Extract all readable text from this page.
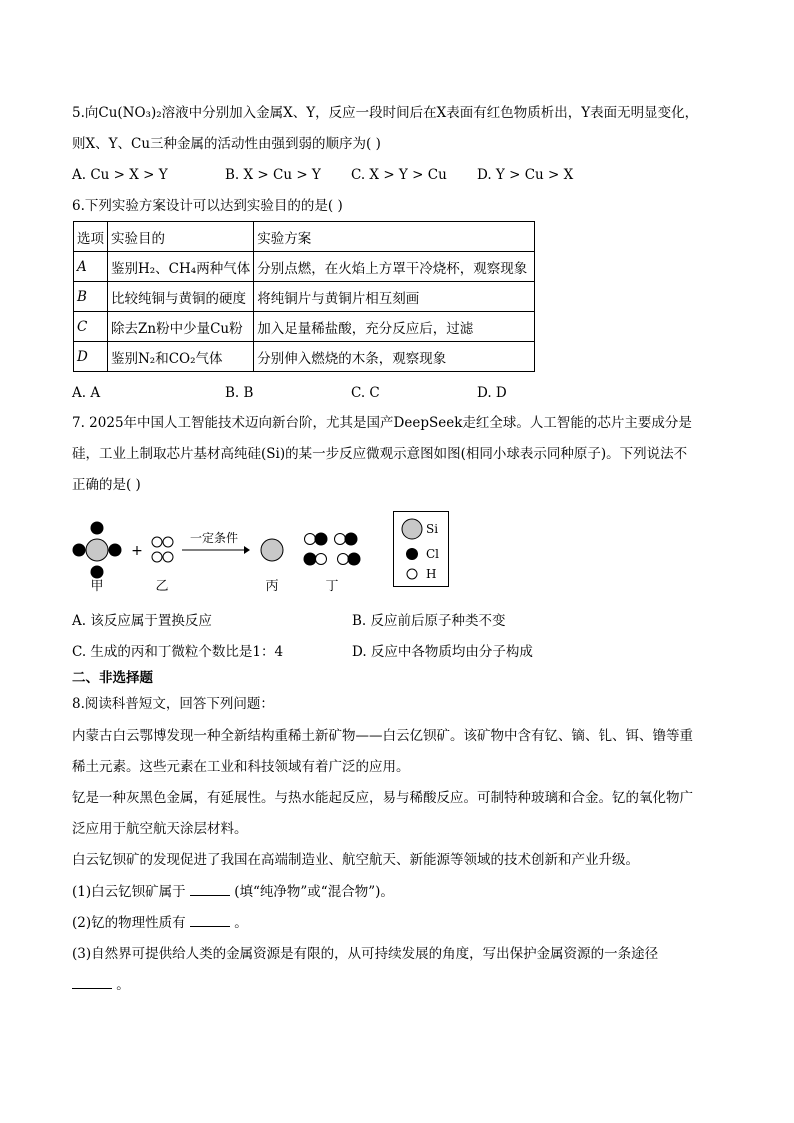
5.向Cu(NO₃)₂溶液中分别加入金属X、Y，反应一段时间后在X表面有红色物质析出，Y表面无明显变化，
则X、Y、Cu三种金属的活动性由强到弱的顺序为( )
A. Cu > X > Y	B. X > Cu > Y	C. X > Y > Cu	D. Y > Cu > X
6.下列实验方案设计可以达到实验目的的是( )
选项	实验目的	实验方案
A	鉴别H₂、CH₄两种气体	分别点燃，在火焰上方罩干冷烧杯，观察现象
B	比较纯铜与黄铜的硬度	将纯铜片与黄铜片相互刻画
C	除去Zn粉中少量Cu粉	加入足量稀盐酸，充分反应后，过滤
D	鉴别N₂和CO₂气体	分别伸入燃烧的木条，观察现象
A. A	B. B	C. C	D. D
7. 2025年中国人工智能技术迈向新台阶，尤其是国产DeepSeek走红全球。人工智能的芯片主要成分是
硅，工业上制取芯片基材高纯硅(Si)的某一步反应微观示意图如图(相同小球表示同种原子)。下列说法不
正确的是( )
+
一定条件
甲	乙	丙	丁
Si
Cl
H
A. 该反应属于置换反应	B. 反应前后原子种类不变
C. 生成的丙和丁微粒个数比是1：4	D. 反应中各物质均由分子构成
二、非选择题
8.阅读科普短文，回答下列问题：
内蒙古白云鄂博发现一种全新结构重稀土新矿物——白云亿钡矿。该矿物中含有钇、镝、钆、铒、镥等重
稀土元素。这些元素在工业和科技领域有着广泛的应用。
钇是一种灰黑色金属，有延展性。与热水能起反应，易与稀酸反应。可制特种玻璃和合金。钇的氧化物广
泛应用于航空航天涂层材料。
白云钇钡矿的发现促进了我国在高端制造业、航空航天、新能源等领域的技术创新和产业升级。
(1)白云钇钡矿属于	(填“纯净物”或“混合物”)。
(2)钇的物理性质有	。
(3)自然界可提供给人类的金属资源是有限的，从可持续发展的角度，写出保护金属资源的一条途径
。
